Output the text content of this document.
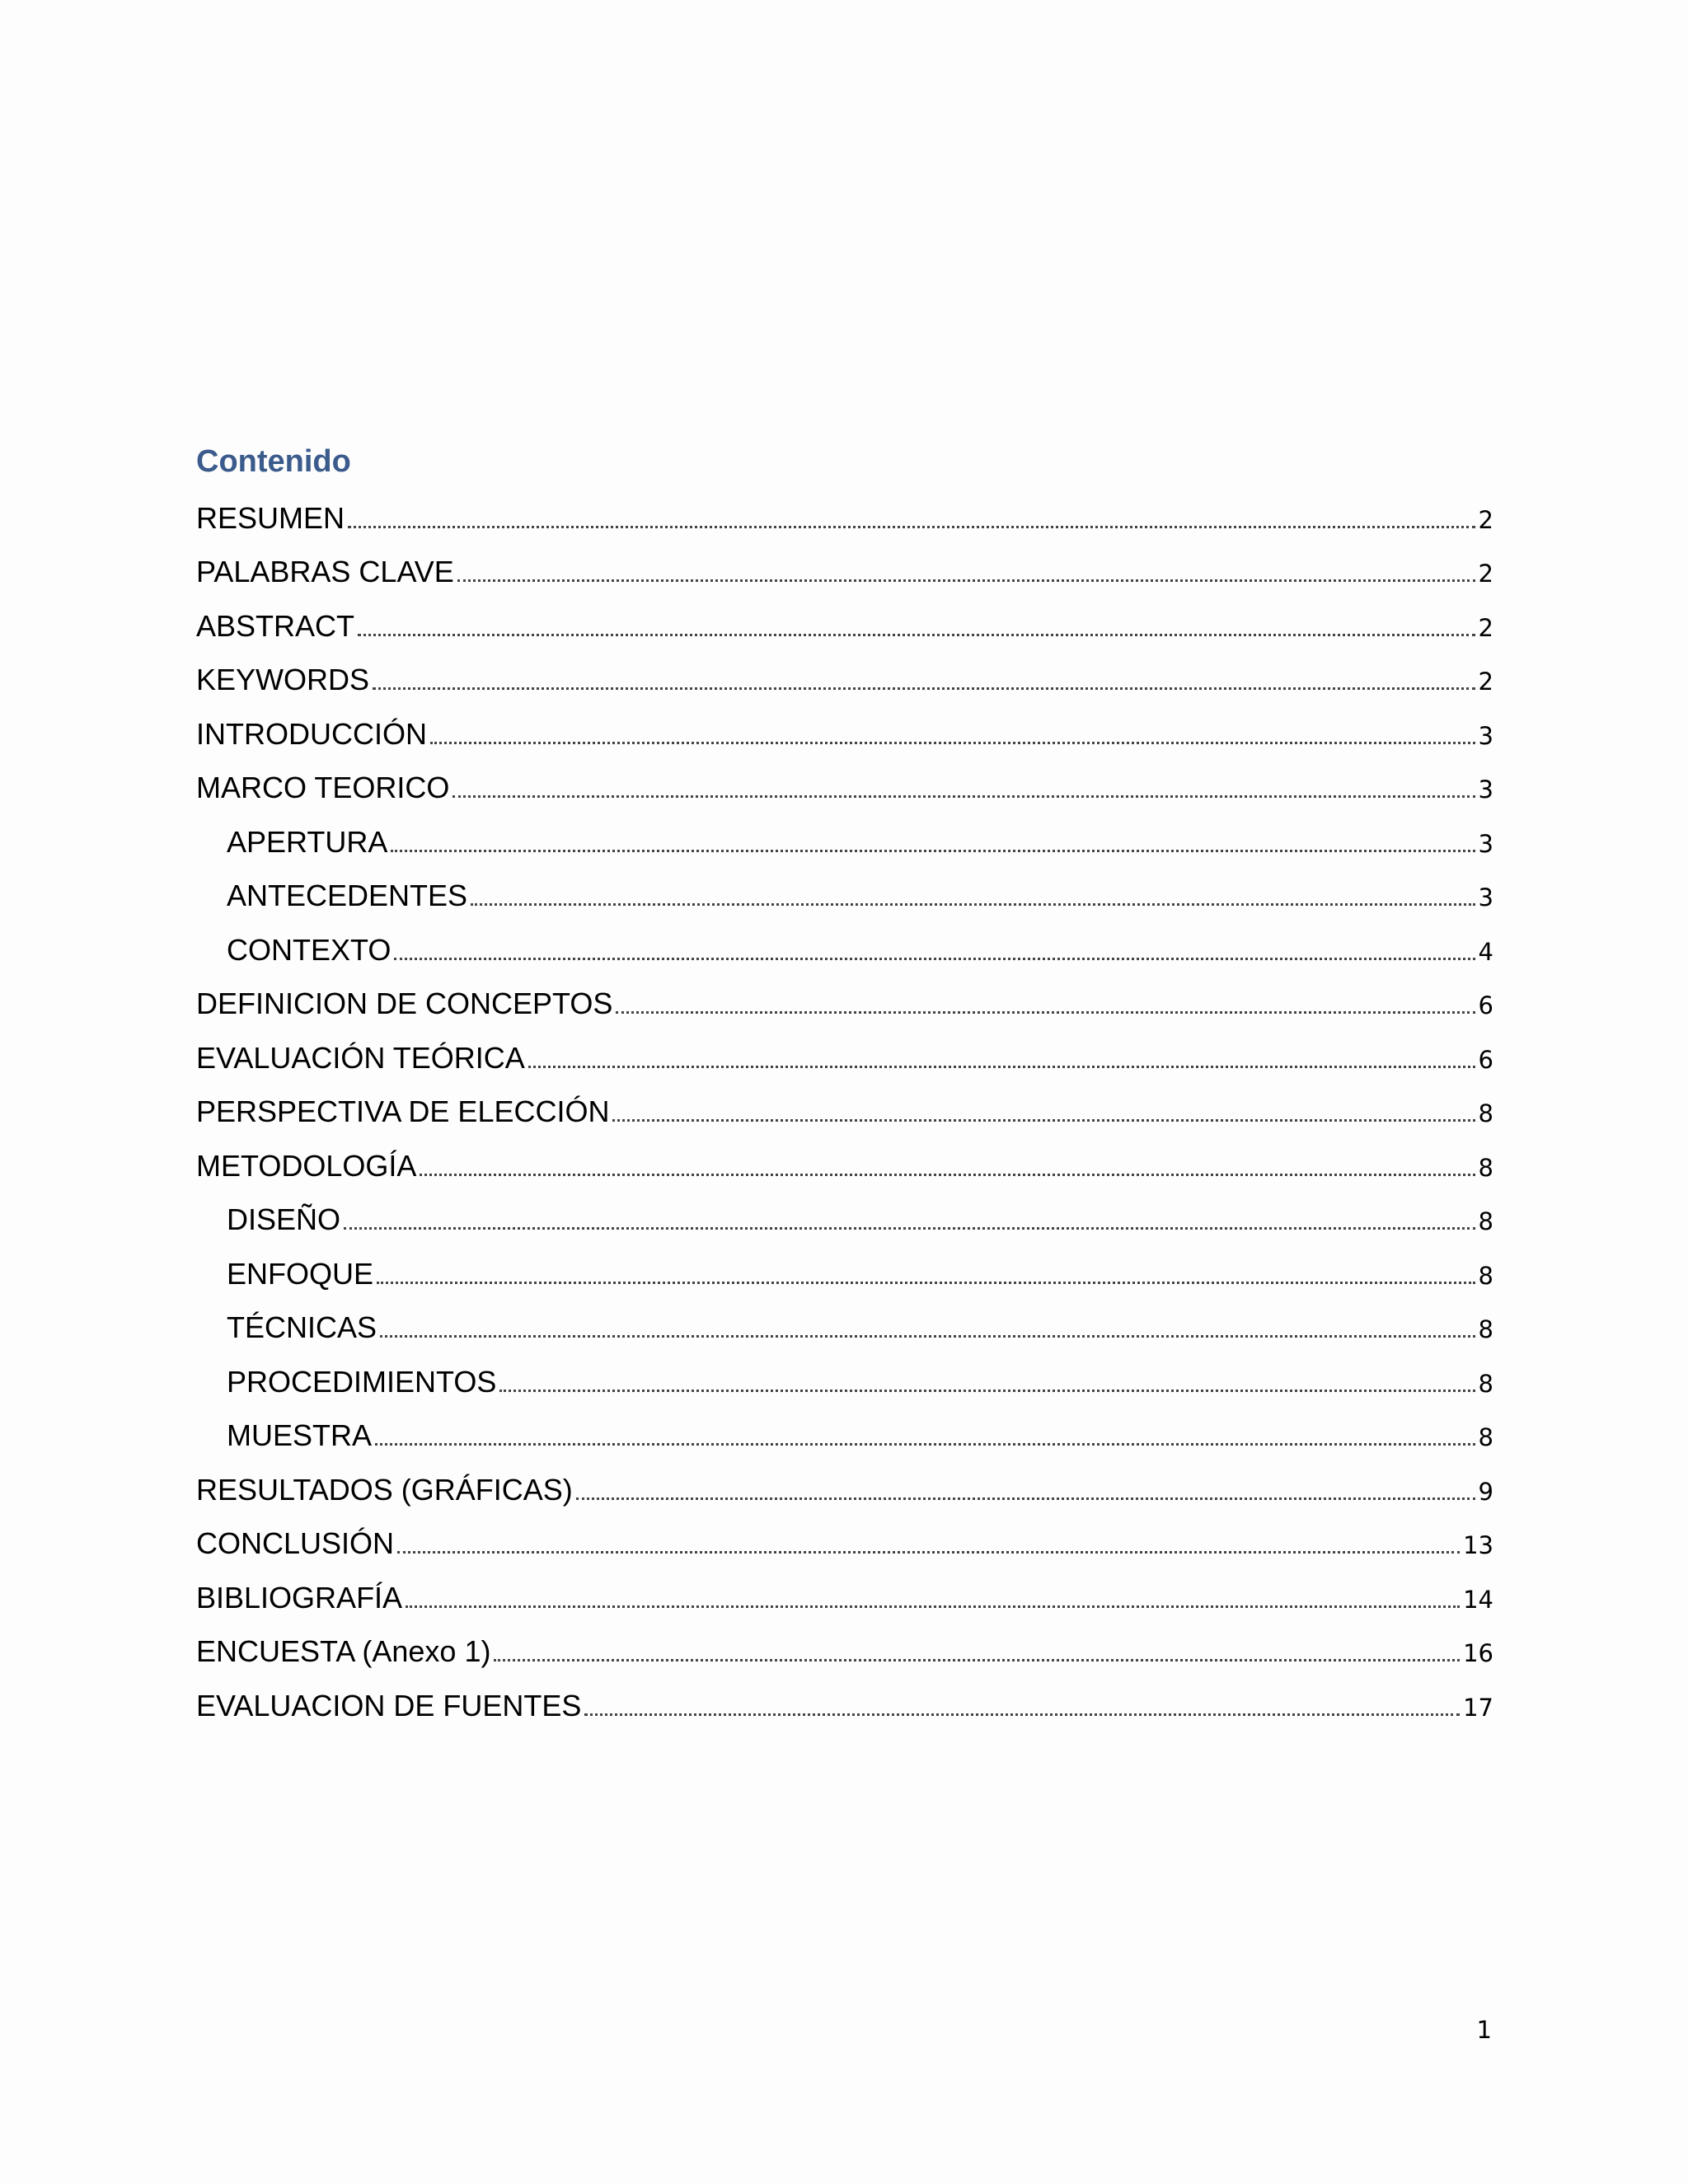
Contenido
RESUMEN	2
PALABRAS CLAVE	2
ABSTRACT	2
KEYWORDS	2
INTRODUCCIÓN	3
MARCO TEORICO	3
APERTURA	3
ANTECEDENTES	3
CONTEXTO	4
DEFINICION DE CONCEPTOS	6
EVALUACIÓN TEÓRICA	6
PERSPECTIVA DE ELECCIÓN	8
METODOLOGÍA	8
DISEÑO	8
ENFOQUE	8
TÉCNICAS	8
PROCEDIMIENTOS	8
MUESTRA	8
RESULTADOS (GRÁFICAS)	9
CONCLUSIÓN	13
BIBLIOGRAFÍA	14
ENCUESTA (Anexo 1)	16
EVALUACION DE FUENTES	17
1
